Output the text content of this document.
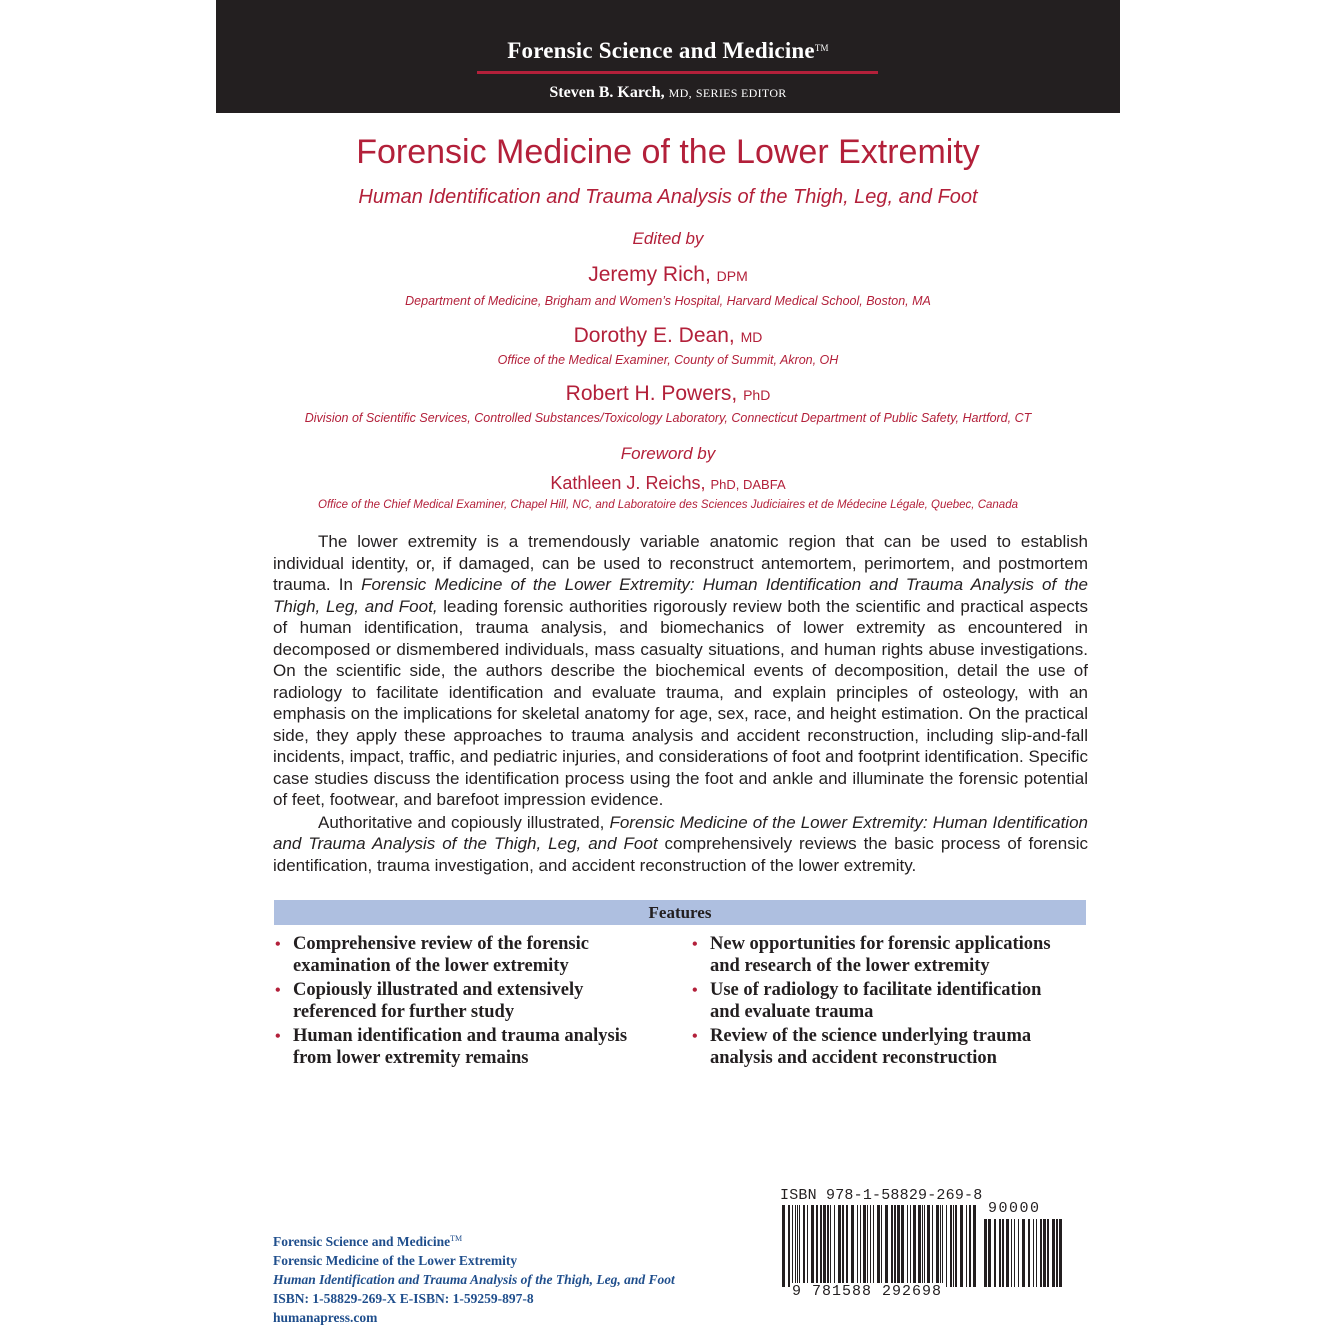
Forensic Science and Medicine™
Steven B. Karch, MD, SERIES EDITOR
Forensic Medicine of the Lower Extremity
Human Identification and Trauma Analysis of the Thigh, Leg, and Foot
Edited by
Jeremy Rich, DPM
Department of Medicine, Brigham and Women’s Hospital, Harvard Medical School, Boston, MA
Dorothy E. Dean, MD
Office of the Medical Examiner, County of Summit, Akron, OH
Robert H. Powers, PhD
Division of Scientific Services, Controlled Substances/Toxicology Laboratory, Connecticut Department of Public Safety, Hartford, CT
Foreword by
Kathleen J. Reichs, PhD, DABFA
Office of the Chief Medical Examiner, Chapel Hill, NC, and Laboratoire des Sciences Judiciaires et de Médecine Légale, Quebec, Canada

The lower extremity is a tremendously variable anatomic region that can be used to establish individual identity, or, if damaged, can be used to reconstruct antemortem, perimortem, and postmortem trauma. In Forensic Medicine of the Lower Extremity: Human Identification and Trauma Analysis of the Thigh, Leg, and Foot, leading forensic authorities rigorously review both the scientific and practical aspects of human identification, trauma analysis, and biomechanics of lower extremity as encountered in decomposed or dismembered individuals, mass casualty situations, and human rights abuse investigations. On the scientific side, the authors describe the biochemical events of decomposition, detail the use of radiology to facilitate identification and evaluate trauma, and explain principles of osteology, with an emphasis on the implications for skeletal anatomy for age, sex, race, and height estimation. On the practical side, they apply these approaches to trauma analysis and accident reconstruction, including slip-and-fall incidents, impact, traffic, and pediatric injuries, and considerations of foot and footprint identification. Specific case studies discuss the identification process using the foot and ankle and illuminate the forensic potential of feet, footwear, and barefoot impression evidence.

Authoritative and copiously illustrated, Forensic Medicine of the Lower Extremity: Human Identification and Trauma Analysis of the Thigh, Leg, and Foot comprehensively reviews the basic process of forensic identification, trauma investigation, and accident reconstruction of the lower extremity.

Features
• Comprehensive review of the forensic examination of the lower extremity
• Copiously illustrated and extensively referenced for further study
• Human identification and trauma analysis from lower extremity remains
• New opportunities for forensic applications and research of the lower extremity
• Use of radiology to facilitate identification and evaluate trauma
• Review of the science underlying trauma analysis and accident reconstruction
ISBN 978-1-58829-269-8
90000
9 781588 292698
Forensic Science and Medicine™
Forensic Medicine of the Lower Extremity
Human Identification and Trauma Analysis of the Thigh, Leg, and Foot
ISBN: 1-58829-269-X E-ISBN: 1-59259-897-8
humanapress.com
